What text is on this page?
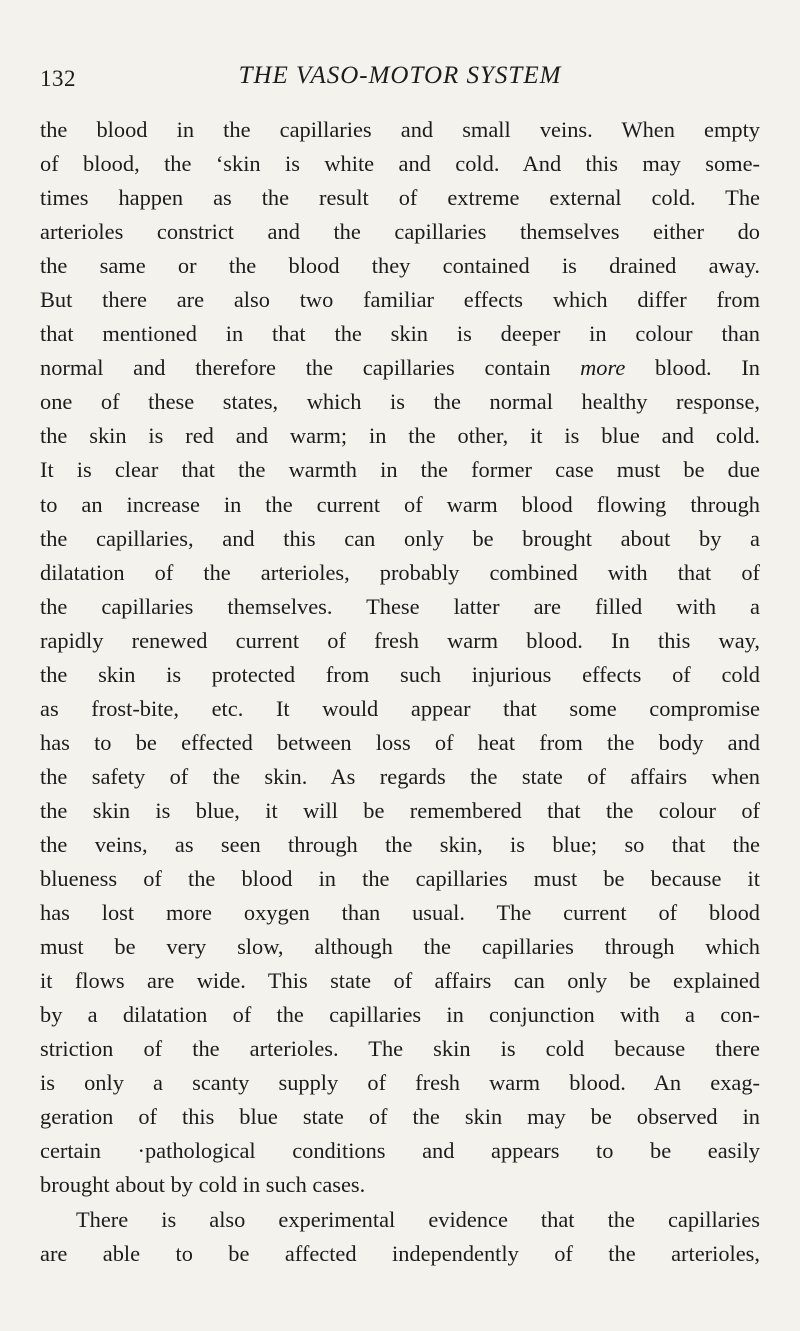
132	THE VASO-MOTOR SYSTEM
the blood in the capillaries and small veins. When empty
of blood, the ‘skin is white and cold. And this may some-
times happen as the result of extreme external cold. The
arterioles constrict and the capillaries themselves either do
the same or the blood they contained is drained away.
But there are also two familiar effects which differ from
that mentioned in that the skin is deeper in colour than
normal and therefore the capillaries contain more blood. In
one of these states, which is the normal healthy response,
the skin is red and warm; in the other, it is blue and cold.
It is clear that the warmth in the former case must be due
to an increase in the current of warm blood flowing through
the capillaries, and this can only be brought about by a
dilatation of the arterioles, probably combined with that of
the capillaries themselves. These latter are filled with a
rapidly renewed current of fresh warm blood. In this way,
the skin is protected from such injurious effects of cold
as frost-bite, etc. It would appear that some compromise
has to be effected between loss of heat from the body and
the safety of the skin. As regards the state of affairs when
the skin is blue, it will be remembered that the colour of
the veins, as seen through the skin, is blue; so that the
blueness of the blood in the capillaries must be because it
has lost more oxygen than usual. The current of blood
must be very slow, although the capillaries through which
it flows are wide. This state of affairs can only be explained
by a dilatation of the capillaries in conjunction with a con-
striction of the arterioles. The skin is cold because there
is only a scanty supply of fresh warm blood. An exag-
geration of this blue state of the skin may be observed in
certain ·pathological conditions and appears to be easily
brought about by cold in such cases.
There is also experimental evidence that the capillaries
are able to be affected independently of the arterioles,
